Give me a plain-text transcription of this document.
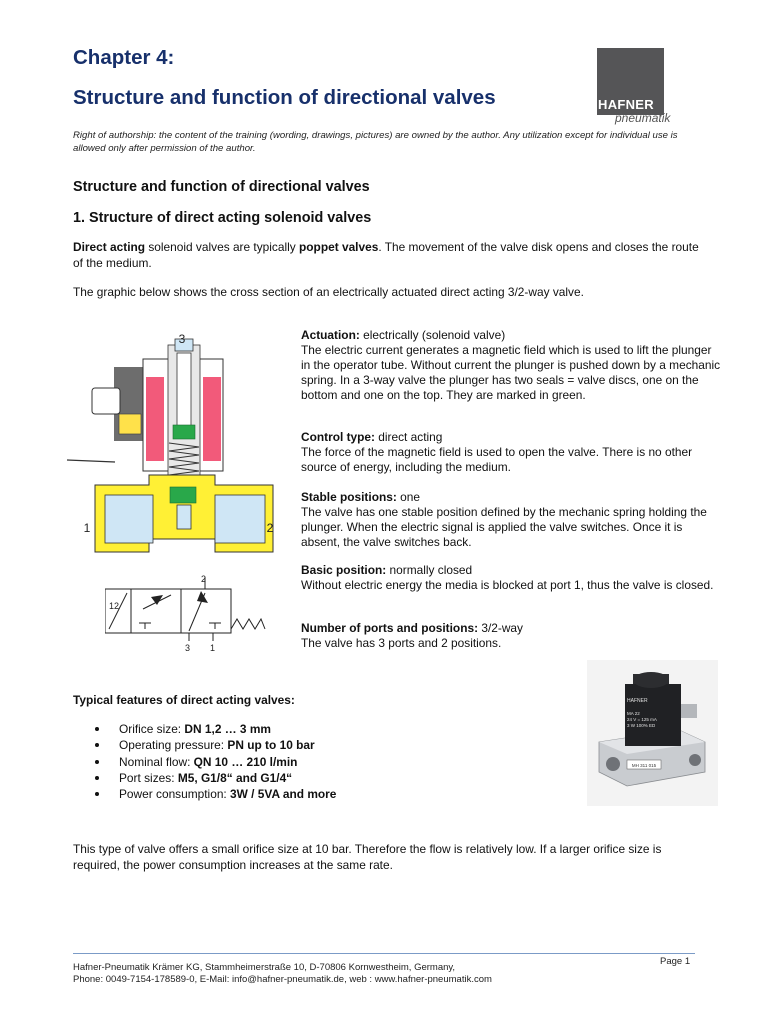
Chapter 4:
Structure and function of directional valves	HAFNER
pneumatik
Right of authorship: the content of the training (wording, drawings, pictures) are owned by the author. Any utilization except for individual use is allowed only after permission of the author.
Structure and function of directional valves
1. Structure of direct acting solenoid valves
Direct acting solenoid valves are typically poppet valves. The movement of the valve disk opens and closes the route of the medium.
The graphic below shows the cross section of an electrically actuated direct acting 3/2-way valve.
3
1	2
12
2
3 1
Actuation: electrically (solenoid valve)
The electric current generates a magnetic field which is used to lift the plunger in the operator tube. Without current the plunger is pushed down by a mechanic spring. In a 3-way valve the plunger has two seals = valve discs, one on the bottom and one on the top. They are marked in green.
Control type: direct acting
The force of the magnetic field is used to open the valve. There is no other source of energy, including the medium.
Stable positions: one
The valve has one stable position defined by the mechanic spring holding the plunger. When the electric signal is applied the valve switches. Once it is absent, the valve switches back.
Basic position: normally closed
Without electric energy the media is blocked at port 1, thus the valve is closed.
Number of ports and positions: 3/2-way
The valve has 3 ports and 2 positions.
Typical features of direct acting valves:
Orifice size: DN 1,2 … 3 mm
Operating pressure: PN up to 10 bar
Nominal flow: QN 10 … 210 l/min
Port sizes: M5, G1/8“ and G1/4“
Power consumption: 3W / 5VA and more
MH 311 015
HAFNER
MA 22
24 V = 125 mA
3 W 100% ED
This type of valve offers a small orifice size at 10 bar. Therefore the flow is relatively low. If a larger orifice size is required, the power consumption increases at the same rate.
Page 1
Hafner-Pneumatik Krämer KG, Stammheimerstraße 10, D-70806 Kornwestheim, Germany,
Phone: 0049-7154-178589-0, E-Mail: info@hafner-pneumatik.de, web : www.hafner-pneumatik.com
